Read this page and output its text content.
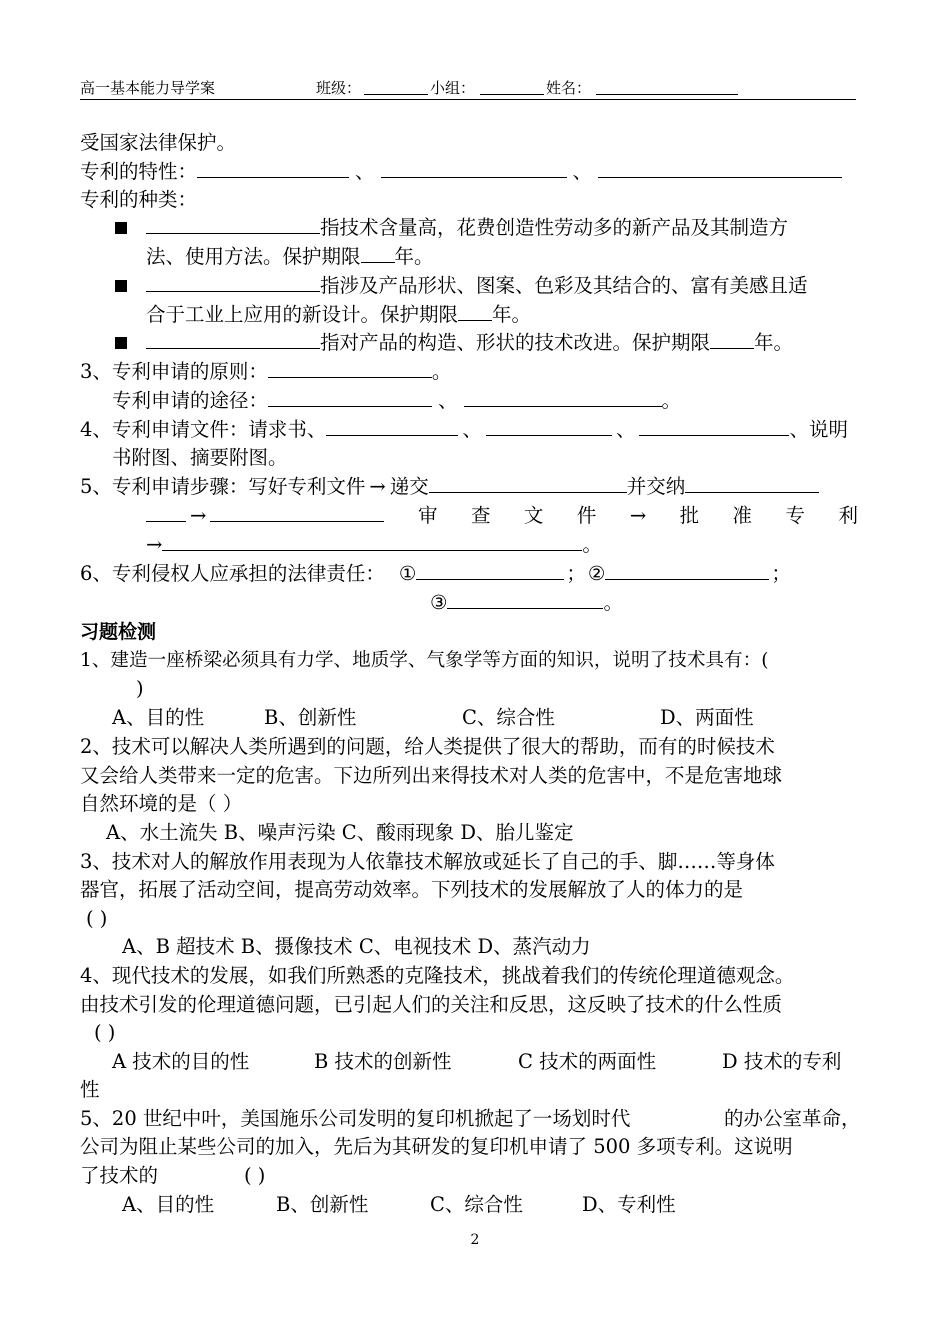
高一基本能力导学案	班级：	小组：	姓名：
受国家法律保护。
专利的特性：	、	、
专利的种类：
指技术含量高，花费创造性劳动多的新产品及其制造方
法、使用方法。保护期限 年。
指涉及产品形状、图案、色彩及其结合的、富有美感且适
合于工业上应用的新设计。保护期限 年。
指对产品的构造、形状的技术改进。保护期限 年。
3、专利申请的原则：	。
专利申请的途径：	、	。
4、专利申请文件：请求书、	、	、	、说明
书附图、摘要附图。
5、专利申请步骤：写好专利文件 → 递交	并交纳
→	审 查 文 件 → 批 准 专 利
→	。
6、专利侵权人应承担的法律责任： ①	； ②	；
③	。
习题检测
1、建造一座桥梁必须具有力学、地质学、气象学等方面的知识，说明了技术具有：(
)
A、目的性	B、创新性	C、综合性	D、两面性
2、技术可以解决人类所遇到的问题，给人类提供了很大的帮助，而有的时候技术
又会给人类带来一定的危害。下边所列出来得技术对人类的危害中，不是危害地球
自然环境的是（ ）
A、水土流失 B、噪声污染 C、酸雨现象 D、胎儿鉴定
3、技术对人的解放作用表现为人依靠技术解放或延长了自己的手、脚……等身体
器官，拓展了活动空间，提高劳动效率。下列技术的发展解放了人的体力的是
( )
A、B 超技术 B、摄像技术 C、电视技术 D、蒸汽动力
4、现代技术的发展，如我们所熟悉的克隆技术，挑战着我们的传统伦理道德观念。
由技术引发的伦理道德问题，已引起人们的关注和反思，这反映了技术的什么性质
( )
A 技术的目的性	B 技术的创新性	C 技术的两面性	D 技术的专利
性
5、20 世纪中叶，美国施乐公司发明的复印机掀起了一场划时代	的办公室革命，
公司为阻止某些公司的加入，先后为其研发的复印机申请了 500 多项专利。这说明
了技术的	( )
A、目的性	B、创新性	C、综合性	D、专利性
2
